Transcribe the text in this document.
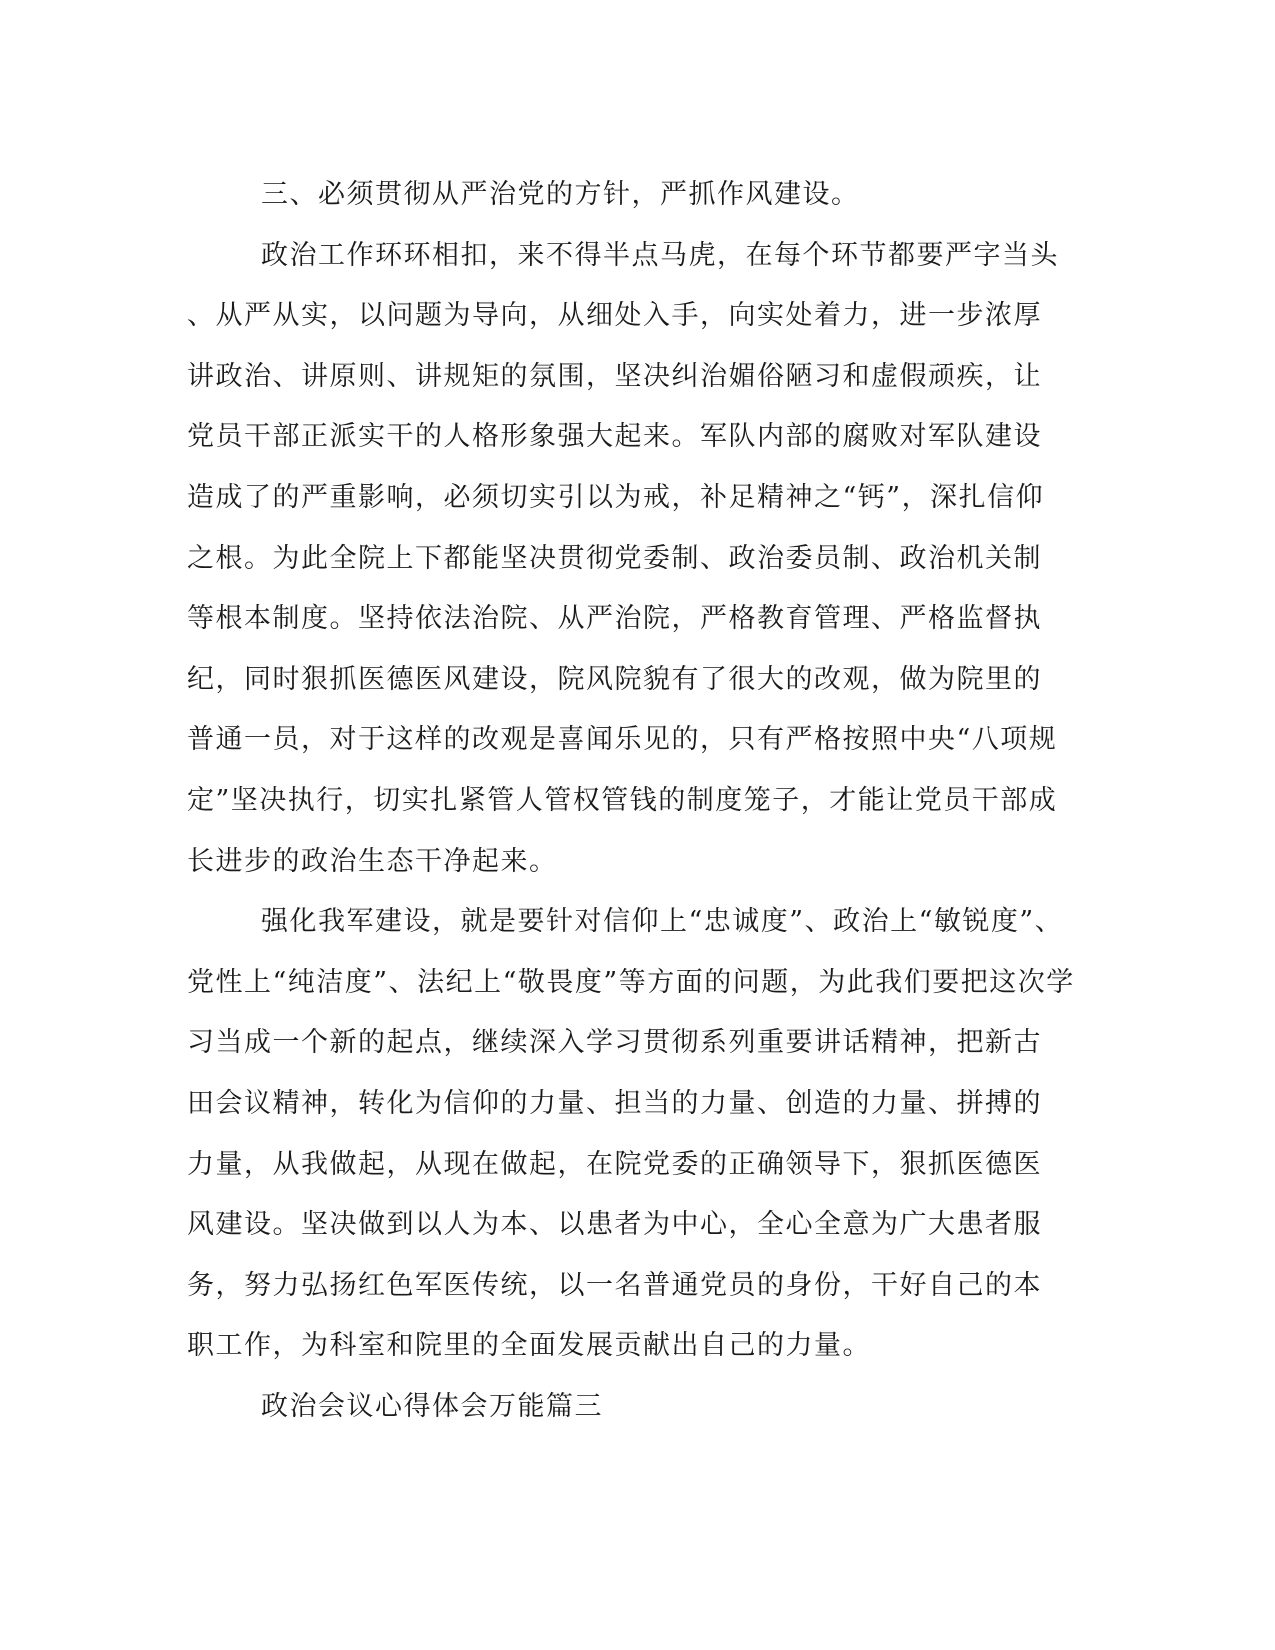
三、必须贯彻从严治党的方针，严抓作风建设。
政治工作环环相扣，来不得半点马虎，在每个环节都要严字当头
、从严从实，以问题为导向，从细处入手，向实处着力，进一步浓厚
讲政治、讲原则、讲规矩的氛围，坚决纠治媚俗陋习和虚假顽疾，让
党员干部正派实干的人格形象强大起来。军队内部的腐败对军队建设
造成了的严重影响，必须切实引以为戒，补足精神之“钙”，深扎信仰
之根。为此全院上下都能坚决贯彻党委制、政治委员制、政治机关制
等根本制度。坚持依法治院、从严治院，严格教育管理、严格监督执
纪，同时狠抓医德医风建设，院风院貌有了很大的改观，做为院里的
普通一员，对于这样的改观是喜闻乐见的，只有严格按照中央“八项规
定”坚决执行，切实扎紧管人管权管钱的制度笼子，才能让党员干部成
长进步的政治生态干净起来。
强化我军建设，就是要针对信仰上“忠诚度”、政治上“敏锐度”、
党性上“纯洁度”、法纪上“敬畏度”等方面的问题，为此我们要把这次学
习当成一个新的起点，继续深入学习贯彻系列重要讲话精神，把新古
田会议精神，转化为信仰的力量、担当的力量、创造的力量、拼搏的
力量，从我做起，从现在做起，在院党委的正确领导下，狠抓医德医
风建设。坚决做到以人为本、以患者为中心，全心全意为广大患者服
务，努力弘扬红色军医传统，以一名普通党员的身份，干好自己的本
职工作，为科室和院里的全面发展贡献出自己的力量。
政治会议心得体会万能篇三
